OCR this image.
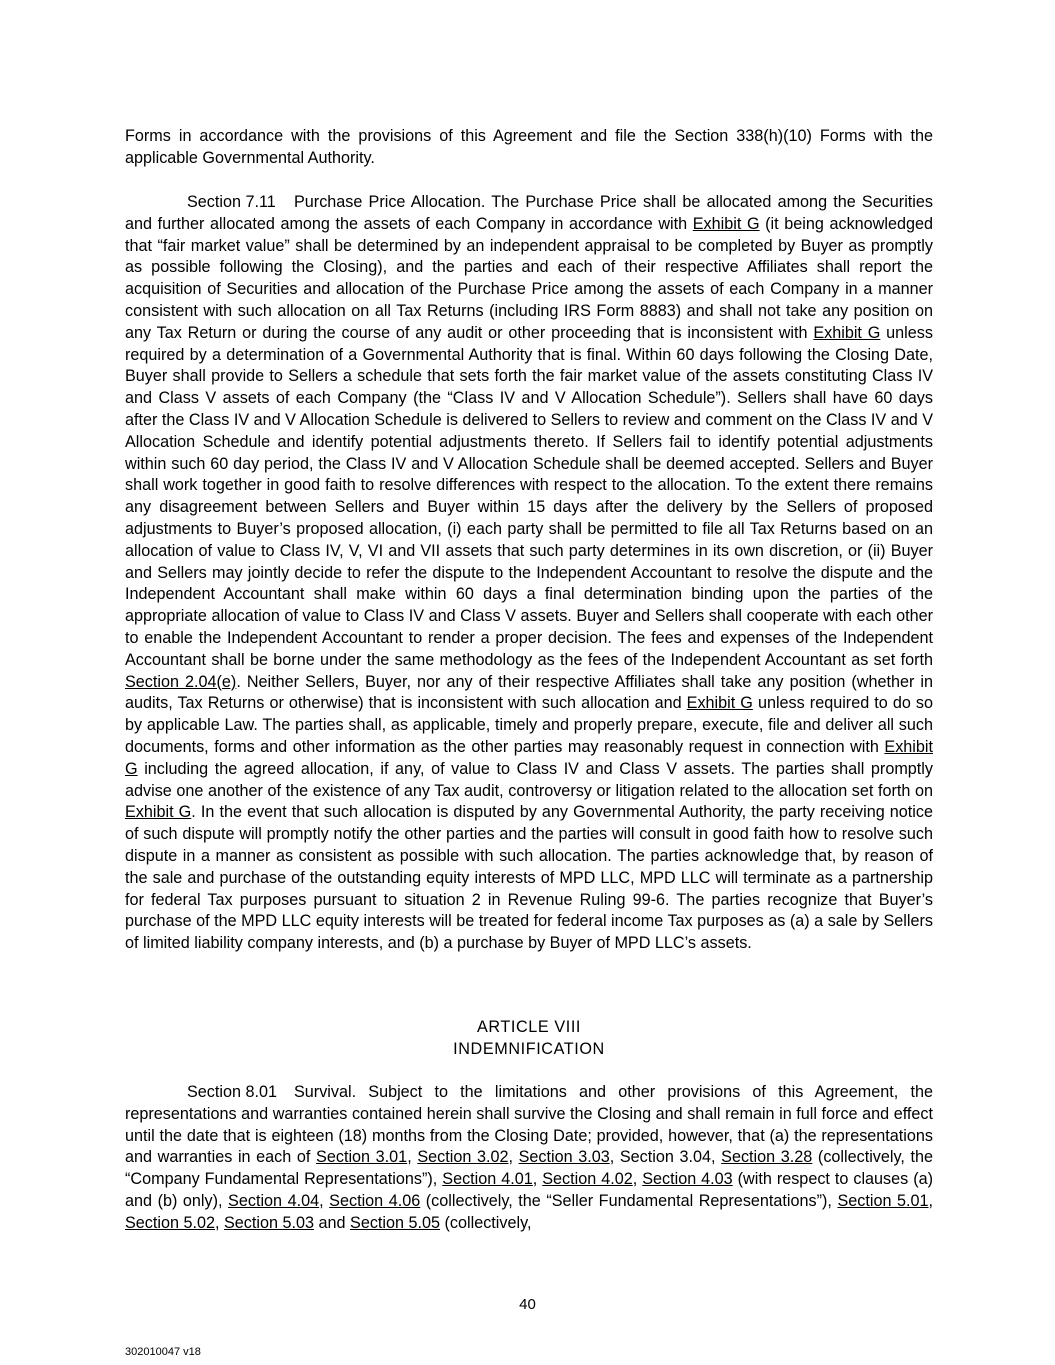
Forms in accordance with the provisions of this Agreement and file the Section 338(h)(10) Forms with the applicable Governmental Authority.

Section 7.11 Purchase Price Allocation. The Purchase Price shall be allocated among the Securities and further allocated among the assets of each Company in accordance with Exhibit G (it being acknowledged that “fair market value” shall be determined by an independent appraisal to be completed by Buyer as promptly as possible following the Closing), and the parties and each of their respective Affiliates shall report the acquisition of Securities and allocation of the Purchase Price among the assets of each Company in a manner consistent with such allocation on all Tax Returns (including IRS Form 8883) and shall not take any position on any Tax Return or during the course of any audit or other proceeding that is inconsistent with Exhibit G unless required by a determination of a Governmental Authority that is final. Within 60 days following the Closing Date, Buyer shall provide to Sellers a schedule that sets forth the fair market value of the assets constituting Class IV and Class V assets of each Company (the “Class IV and V Allocation Schedule”). Sellers shall have 60 days after the Class IV and V Allocation Schedule is delivered to Sellers to review and comment on the Class IV and V Allocation Schedule and identify potential adjustments thereto. If Sellers fail to identify potential adjustments within such 60 day period, the Class IV and V Allocation Schedule shall be deemed accepted. Sellers and Buyer shall work together in good faith to resolve differences with respect to the allocation. To the extent there remains any disagreement between Sellers and Buyer within 15 days after the delivery by the Sellers of proposed adjustments to Buyer’s proposed allocation, (i) each party shall be permitted to file all Tax Returns based on an allocation of value to Class IV, V, VI and VII assets that such party determines in its own discretion, or (ii) Buyer and Sellers may jointly decide to refer the dispute to the Independent Accountant to resolve the dispute and the Independent Accountant shall make within 60 days a final determination binding upon the parties of the appropriate allocation of value to Class IV and Class V assets. Buyer and Sellers shall cooperate with each other to enable the Independent Accountant to render a proper decision. The fees and expenses of the Independent Accountant shall be borne under the same methodology as the fees of the Independent Accountant as set forth Section 2.04(e). Neither Sellers, Buyer, nor any of their respective Affiliates shall take any position (whether in audits, Tax Returns or otherwise) that is inconsistent with such allocation and Exhibit G unless required to do so by applicable Law. The parties shall, as applicable, timely and properly prepare, execute, file and deliver all such documents, forms and other information as the other parties may reasonably request in connection with Exhibit G including the agreed allocation, if any, of value to Class IV and Class V assets. The parties shall promptly advise one another of the existence of any Tax audit, controversy or litigation related to the allocation set forth on Exhibit G. In the event that such allocation is disputed by any Governmental Authority, the party receiving notice of such dispute will promptly notify the other parties and the parties will consult in good faith how to resolve such dispute in a manner as consistent as possible with such allocation. The parties acknowledge that, by reason of the sale and purchase of the outstanding equity interests of MPD LLC, MPD LLC will terminate as a partnership for federal Tax purposes pursuant to situation 2 in Revenue Ruling 99-6. The parties recognize that Buyer’s purchase of the MPD LLC equity interests will be treated for federal income Tax purposes as (a) a sale by Sellers of limited liability company interests, and (b) a purchase by Buyer of MPD LLC’s assets.

ARTICLE VIII
INDEMNIFICATION

Section 8.01 Survival. Subject to the limitations and other provisions of this Agreement, the representations and warranties contained herein shall survive the Closing and shall remain in full force and effect until the date that is eighteen (18) months from the Closing Date; provided, however, that (a) the representations and warranties in each of Section 3.01, Section 3.02, Section 3.03, Section 3.04, Section 3.28 (collectively, the “Company Fundamental Representations”), Section 4.01, Section 4.02, Section 4.03 (with respect to clauses (a) and (b) only), Section 4.04, Section 4.06 (collectively, the “Seller Fundamental Representations”), Section 5.01, Section 5.02, Section 5.03 and Section 5.05 (collectively,

40
302010047 v18
